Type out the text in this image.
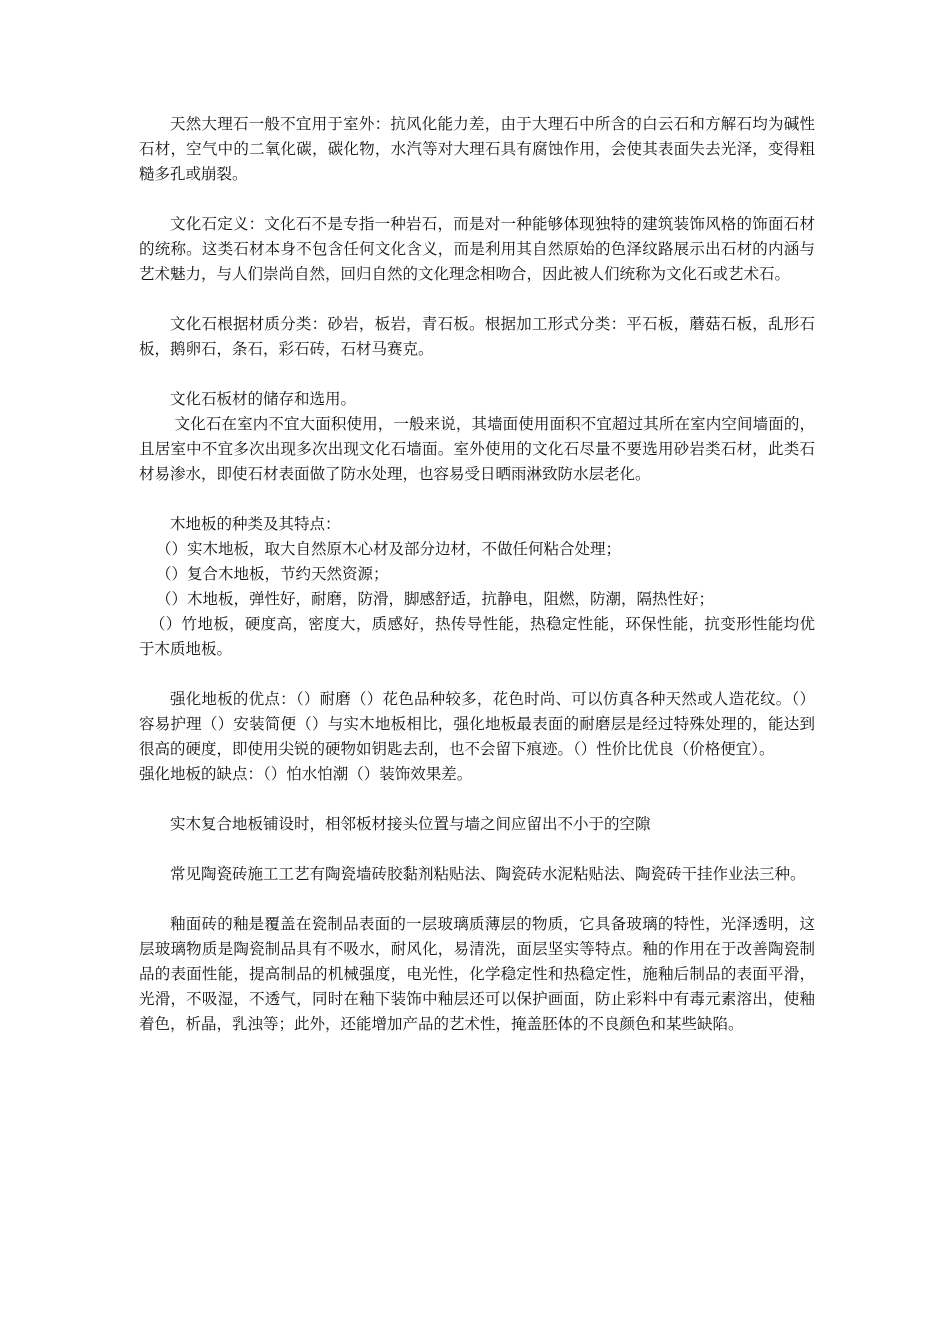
天然大理石一般不宜用于室外：抗风化能力差，由于大理石中所含的白云石和方解石均为碱性石材，空气中的二氧化碳，碳化物，水汽等对大理石具有腐蚀作用，会使其表面失去光泽，变得粗糙多孔或崩裂。

文化石定义：文化石不是专指一种岩石，而是对一种能够体现独特的建筑装饰风格的饰面石材的统称。这类石材本身不包含任何文化含义，而是利用其自然原始的色泽纹路展示出石材的内涵与艺术魅力，与人们崇尚自然，回归自然的文化理念相吻合，因此被人们统称为文化石或艺术石。

文化石根据材质分类：砂岩，板岩，青石板。根据加工形式分类：平石板，蘑菇石板，乱形石板，鹅卵石，条石，彩石砖，石材马赛克。

文化石板材的储存和选用。

文化石在室内不宜大面积使用，一般来说，其墙面使用面积不宜超过其所在室内空间墙面的，且居室中不宜多次出现多次出现文化石墙面。室外使用的文化石尽量不要选用砂岩类石材，此类石材易渗水，即使石材表面做了防水处理，也容易受日晒雨淋致防水层老化。

木地板的种类及其特点：

（）实木地板，取大自然原木心材及部分边材，不做任何粘合处理；

（）复合木地板，节约天然资源；

（）木地板，弹性好，耐磨，防滑，脚感舒适，抗静电，阻燃，防潮，隔热性好；

（）竹地板，硬度高，密度大，质感好，热传导性能，热稳定性能，环保性能，抗变形性能均优于木质地板。

强化地板的优点：（）耐磨（）花色品种较多，花色时尚、可以仿真各种天然或人造花纹。（）容易护理（）安装简便（）与实木地板相比，强化地板最表面的耐磨层是经过特殊处理的，能达到很高的硬度，即使用尖锐的硬物如钥匙去刮，也不会留下痕迹。（）性价比优良（价格便宜）。

强化地板的缺点：（）怕水怕潮（）装饰效果差。

实木复合地板铺设时，相邻板材接头位置与墙之间应留出不小于的空隙

常见陶瓷砖施工工艺有陶瓷墙砖胶黏剂粘贴法、陶瓷砖水泥粘贴法、陶瓷砖干挂作业法三种。

釉面砖的釉是覆盖在瓷制品表面的一层玻璃质薄层的物质，它具备玻璃的特性，光泽透明，这层玻璃物质是陶瓷制品具有不吸水，耐风化，易清洗，面层坚实等特点。釉的作用在于改善陶瓷制品的表面性能，提高制品的机械强度，电光性，化学稳定性和热稳定性，施釉后制品的表面平滑，光滑，不吸湿，不透气，同时在釉下装饰中釉层还可以保护画面，防止彩料中有毒元素溶出，使釉着色，析晶，乳浊等；此外，还能增加产品的艺术性，掩盖胚体的不良颜色和某些缺陷。
